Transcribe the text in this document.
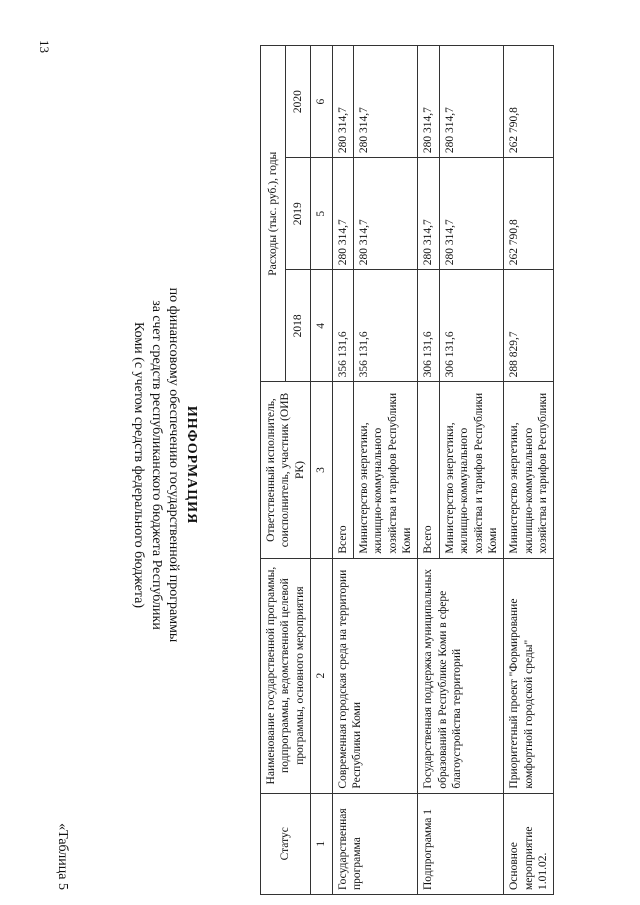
13
«Таблица 5
ИНФОРМАЦИЯ
по финансовому обеспечению государственной программы
за счет средств республиканского бюджета Республики
Коми (с учетом средств федерального бюджета)
Статус	Наименование государственной программы, подпрограммы, ведомственной целевой программы, основного мероприятия	Ответственный исполнитель, соисполнитель, участник (ОИВ РК)	Расходы (тыс. руб.), годы		
			2018	2019	2020
1	2	3	4	5	6
Государственная программа	Современная городская среда на территории Республики Коми	Всего	356 131,6	280 314,7	280 314,7
		Министерство энергетики, жилищно-коммунального хозяйства и тарифов Республики Коми	356 131,6	280 314,7	280 314,7
Подпрограмма 1	Государственная поддержка муниципальных образований в Республике Коми в сфере благоустройства территорий	Всего	306 131,6	280 314,7	280 314,7
		Министерство энергетики, жилищно-коммунального хозяйства и тарифов Республики Коми	306 131,6	280 314,7	280 314,7
Основное мероприятие 1.01.02.	Приоритетный проект "Формирование комфортной городской среды"	Министерство энергетики, жилищно-коммунального хозяйства и тарифов Республики	288 829,7	262 790,8	262 790,8
